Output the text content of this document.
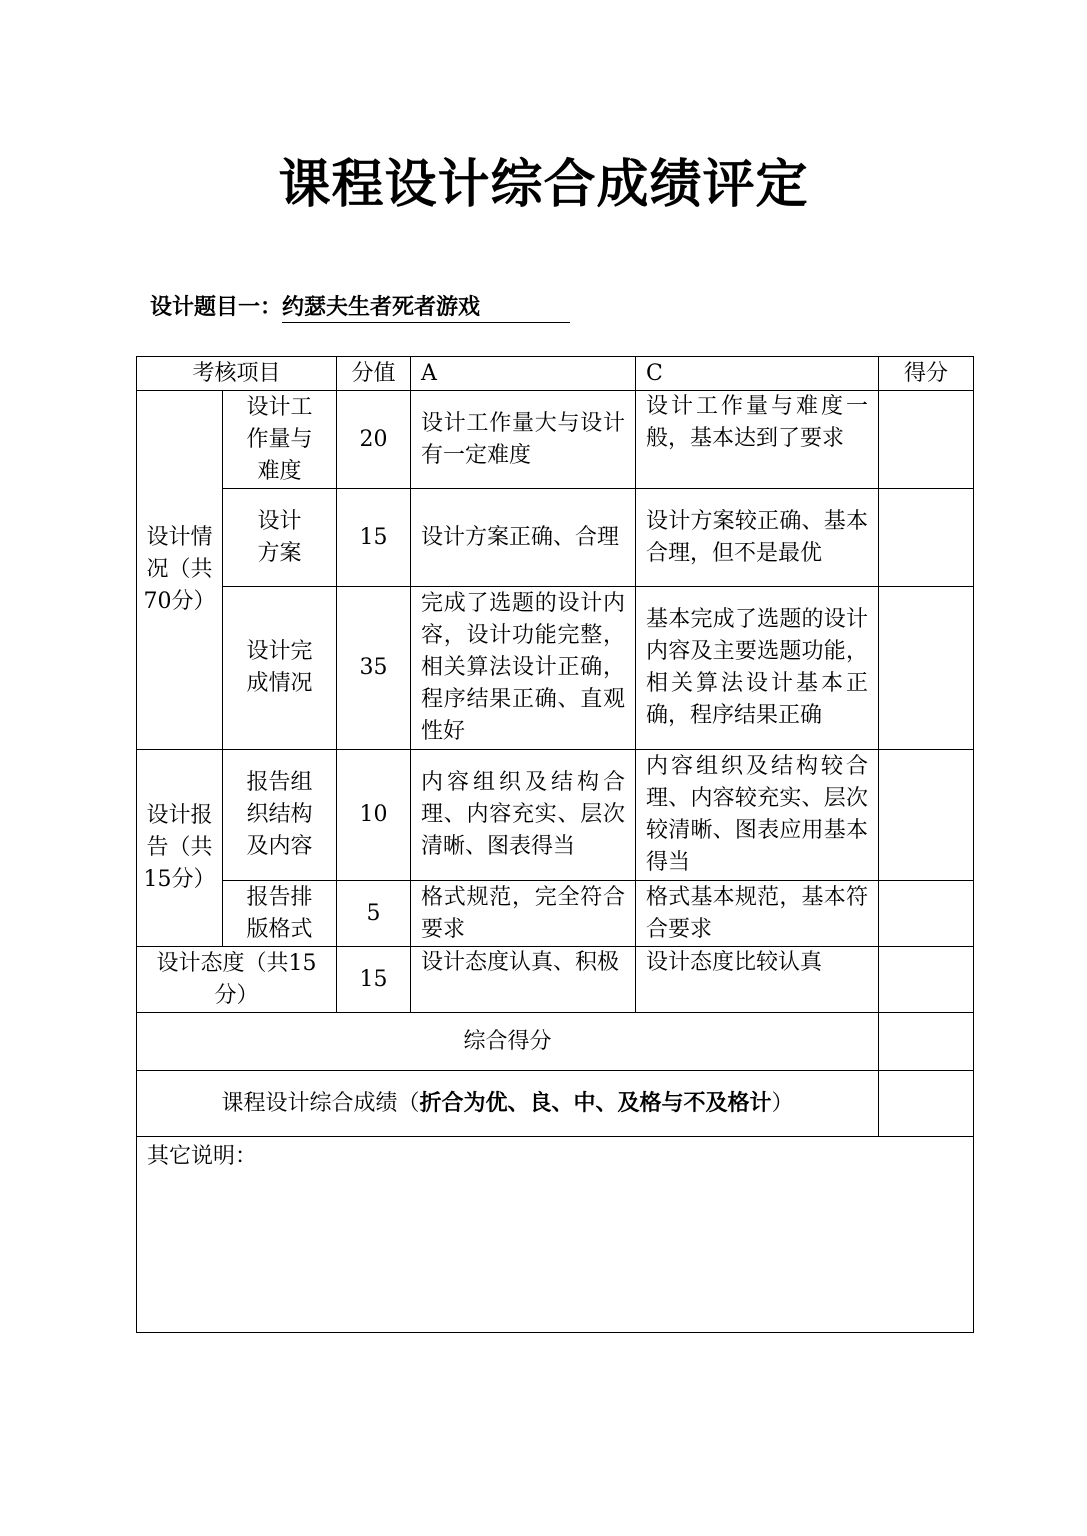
课程设计综合成绩评定
设计题目一：约瑟夫生者死者游戏
考核项目		分值	A	C	得分
设计情况（共70分）	设计工作量与难度	20	设计工作量大与设计有一定难度	设计工作量与难度一般，基本达到了要求	
	设计方案	15	设计方案正确、合理	设计方案较正确、基本合理，但不是最优	
	设计完成情况	35	完成了选题的设计内容，设计功能完整，相关算法设计正确，程序结果正确、直观性好	基本完成了选题的设计内容及主要选题功能，相关算法设计基本正确，程序结果正确	
设计报告（共15分）	报告组织结构及内容	10	内容组织及结构合理、内容充实、层次清晰、图表得当	内容组织及结构较合理、内容较充实、层次较清晰、图表应用基本得当	
	报告排版格式	5	格式规范，完全符合要求	格式基本规范，基本符合要求	
设计态度（共15分）		15	设计态度认真、积极	设计态度比较认真	
综合得分					
课程设计综合成绩（折合为优、良、中、及格与不及格计）					
其它说明：					
